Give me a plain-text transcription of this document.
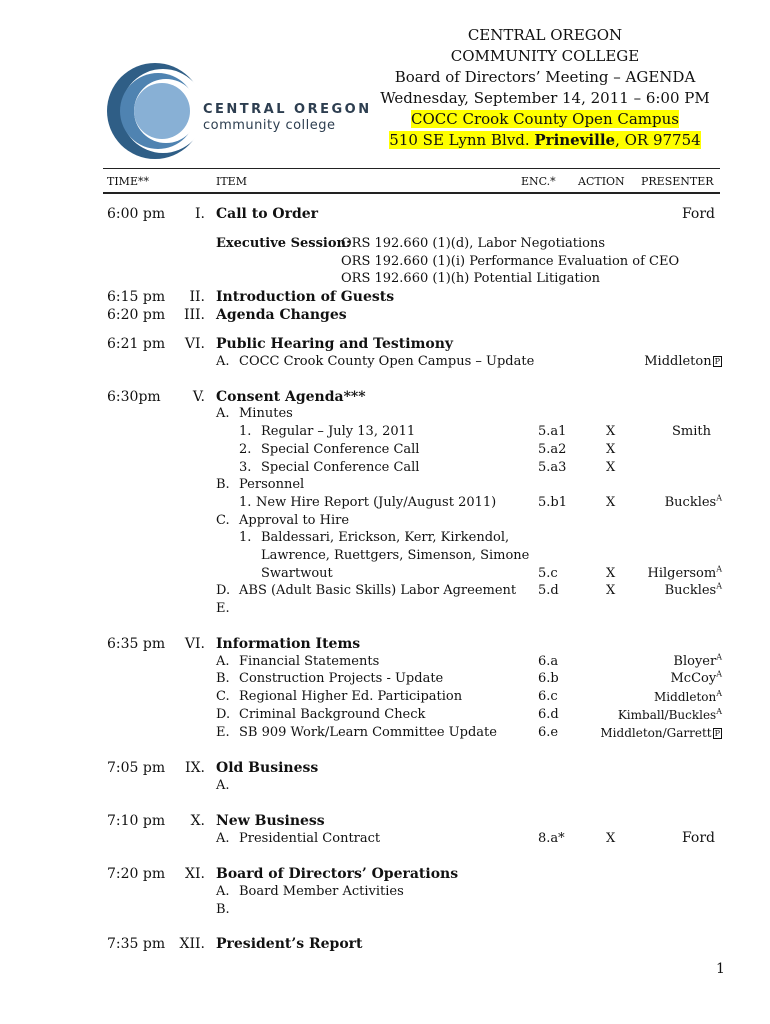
CENTRAL OREGON
community college
CENTRAL OREGON
COMMUNITY COLLEGE
Board of Directors’ Meeting – AGENDA
Wednesday, September 14, 2011 – 6:00 PM
COCC Crook County Open Campus
510 SE Lynn Blvd. Prineville, OR 97754
TIME**	ITEM	ENC.* ACTION PRESENTER
6:00 pm	I. Call to Order	Ford
Executive Session:
ORS 192.660 (1)(d), Labor Negotiations
ORS 192.660 (1)(i) Performance Evaluation of CEO
ORS 192.660 (1)(h) Potential Litigation
6:15 pm	II. Introduction of Guests
6:20 pm	III. Agenda Changes
6:21 pm	VI. Public Hearing and Testimony
A. COCC Crook County Open Campus – Update	Middleton P
6:30pm	V. Consent Agenda***
A. Minutes
1. Regular – July 13, 2011	5.a1	X	Smith
2. Special Conference Call	5.a2	X
3. Special Conference Call	5.a3	X
B. Personnel
1. New Hire Report (July/August 2011)	5.b1	X	Buckles$^A$
C. Approval to Hire
1. Baldessari, Erickson, Kerr, Kirkendol,
Lawrence, Ruettgers, Simenson, Simone
Swartwout	5.c	X	Hilgersom$^A$
D. ABS (Adult Basic Skills) Labor Agreement 5.d	X	Buckles$^A$
E.
6:35 pm	VI. Information Items
A. Financial Statements	6.a	Bloyer$^A$
B. Construction Projects - Update	6.b	McCoy$^A$
C. Regional Higher Ed. Participation	6.c	Middleton$^A$
D. Criminal Background Check	6.d	Kimball/Buckles$^A$
E. SB 909 Work/Learn Committee Update	6.e	Middleton/Garrett P
7:05 pm	IX. Old Business
A.
7:10 pm	X. New Business
A. Presidential Contract	8.a*	X	Ford
7:20 pm	XI. Board of Directors’ Operations
A. Board Member Activities
B.
7:35 pm	XII. President’s Report
1
